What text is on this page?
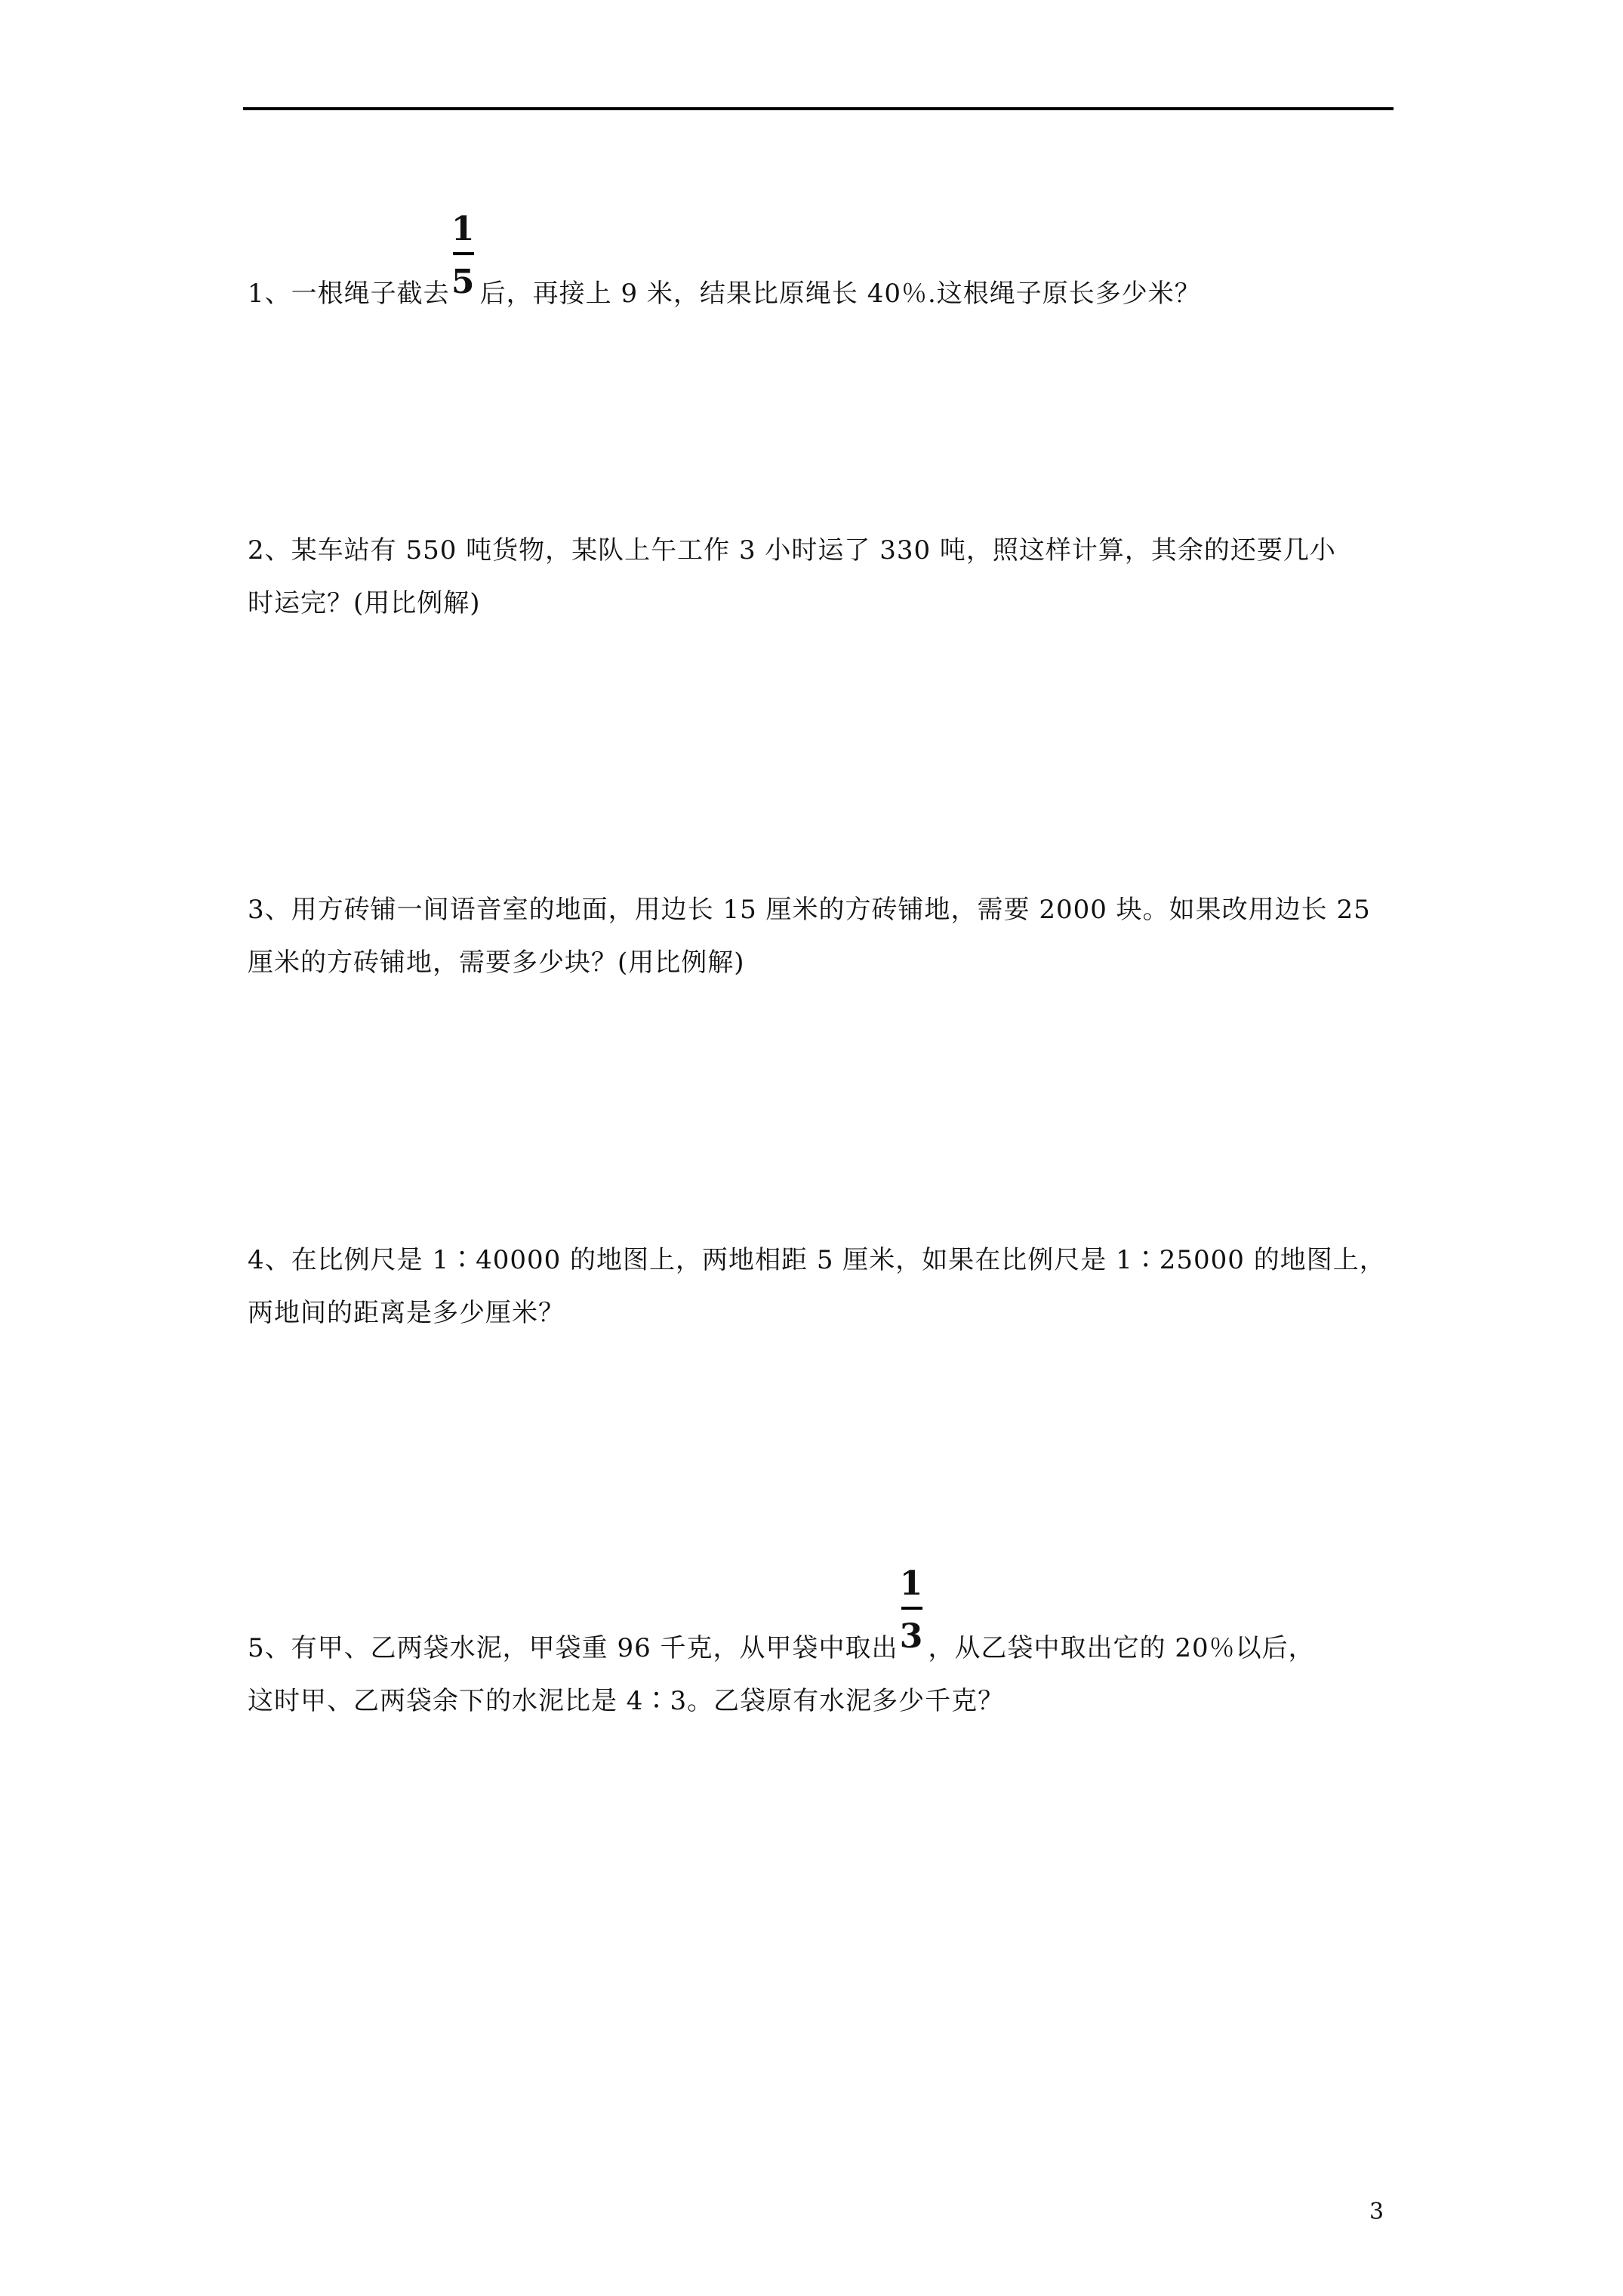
1、一根绳子截去 $\frac{1}{5}$ 后，再接上 9 米，结果比原绳长 40％.这根绳子原长多少米？
2、某车站有 550 吨货物，某队上午工作 3 小时运了 330 吨，照这样计算，其余的还要几小
时运完？(用比例解)
3、用方砖铺一间语音室的地面，用边长 15 厘米的方砖铺地，需要 2000 块。如果改用边长 25
厘米的方砖铺地，需要多少块？(用比例解)
4、在比例尺是 1∶40000 的地图上，两地相距 5 厘米，如果在比例尺是 1∶25000 的地图上，
两地间的距离是多少厘米？
5、有甲、乙两袋水泥，甲袋重 96 千克，从甲袋中取出 $\frac{1}{3}$ ，从乙袋中取出它的 20％以后，
这时甲、乙两袋余下的水泥比是 4∶3。乙袋原有水泥多少千克？
3
